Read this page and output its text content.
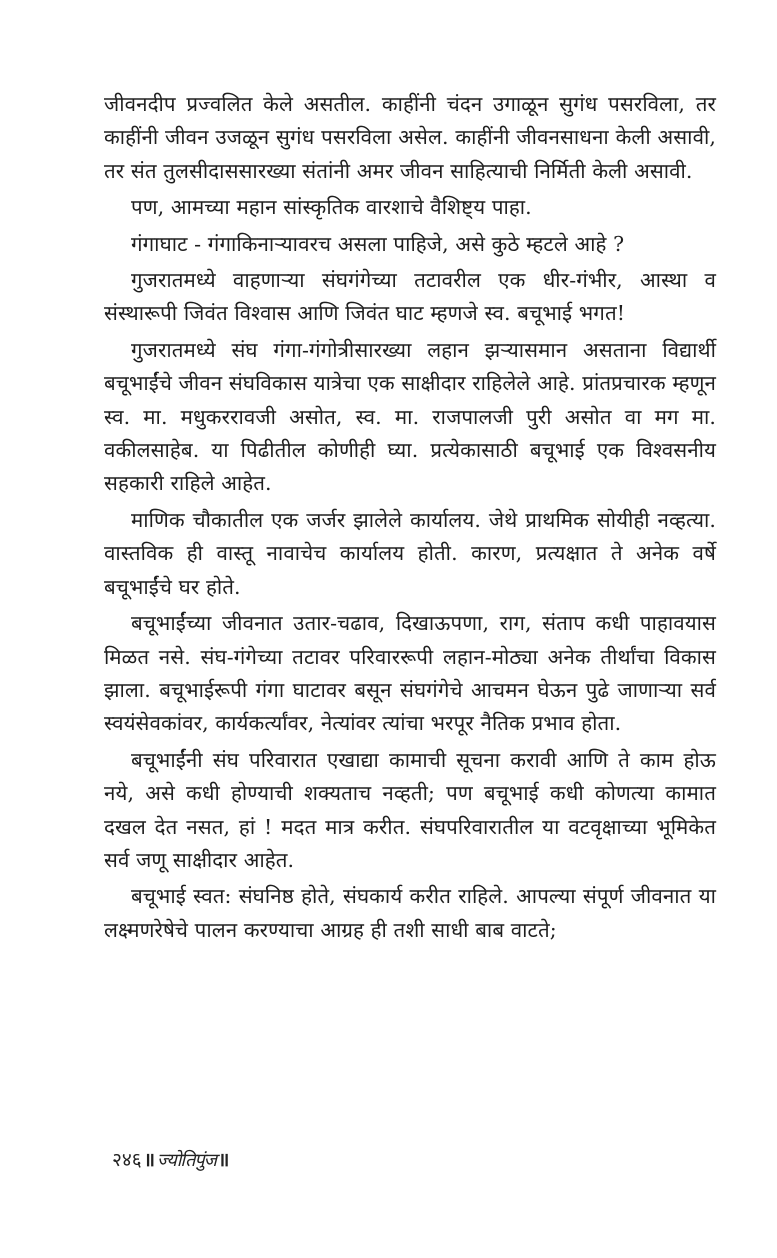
जीवनदीप प्रज्वलित केले असतील. काहींनी चंदन उगाळून सुगंध पसरविला, तर काहींनी जीवन उजळून सुगंध पसरविला असेल. काहींनी जीवनसाधना केली असावी, तर संत तुलसीदाससारख्या संतांनी अमर जीवन साहित्याची निर्मिती केली असावी.

पण, आमच्या महान सांस्कृतिक वारशाचे वैशिष्ट्य पाहा.

गंगाघाट - गंगाकिनाऱ्यावरच असला पाहिजे, असे कुठे म्हटले आहे ?

गुजरातमध्ये वाहणाऱ्या संघगंगेच्या तटावरील एक धीर-गंभीर, आस्था व संस्थारूपी जिवंत विश्वास आणि जिवंत घाट म्हणजे स्व. बचूभाई भगत!

गुजरातमध्ये संघ गंगा-गंगोत्रीसारख्या लहान झऱ्यासमान असताना विद्यार्थी बचूभाईंचे जीवन संघविकास यात्रेचा एक साक्षीदार राहिलेले आहे. प्रांतप्रचारक म्हणून स्व. मा. मधुकररावजी असोत, स्व. मा. राजपालजी पुरी असोत वा मग मा. वकीलसाहेब. या पिढीतील कोणीही घ्या. प्रत्येकासाठी बचूभाई एक विश्वसनीय सहकारी राहिले आहेत.

माणिक चौकातील एक जर्जर झालेले कार्यालय. जेथे प्राथमिक सोयीही नव्हत्या. वास्तविक ही वास्तू नावाचेच कार्यालय होती. कारण, प्रत्यक्षात ते अनेक वर्षे बचूभाईंचे घर होते.

बचूभाईंच्या जीवनात उतार-चढाव, दिखाऊपणा, राग, संताप कधी पाहावयास मिळत नसे. संघ-गंगेच्या तटावर परिवाररूपी लहान-मोठ्या अनेक तीर्थांचा विकास झाला. बचूभाईरूपी गंगा घाटावर बसून संघगंगेचे आचमन घेऊन पुढे जाणाऱ्या सर्व स्वयंसेवकांवर, कार्यकर्त्यांवर, नेत्यांवर त्यांचा भरपूर नैतिक प्रभाव होता.

बचूभाईंनी संघ परिवारात एखाद्या कामाची सूचना करावी आणि ते काम होऊ नये, असे कधी होण्याची शक्यताच नव्हती; पण बचूभाई कधी कोणत्या कामात दखल देत नसत, हां ! मदत मात्र करीत. संघपरिवारातील या वटवृक्षाच्या भूमिकेत सर्व जणू साक्षीदार आहेत.

बचूभाई स्वत: संघनिष्ठ होते, संघकार्य करीत राहिले. आपल्या संपूर्ण जीवनात या लक्ष्मणरेषेचे पालन करण्याचा आग्रह ही तशी साधी बाब वाटते;

२४६ ॥ ज्योतिपुंज ॥
